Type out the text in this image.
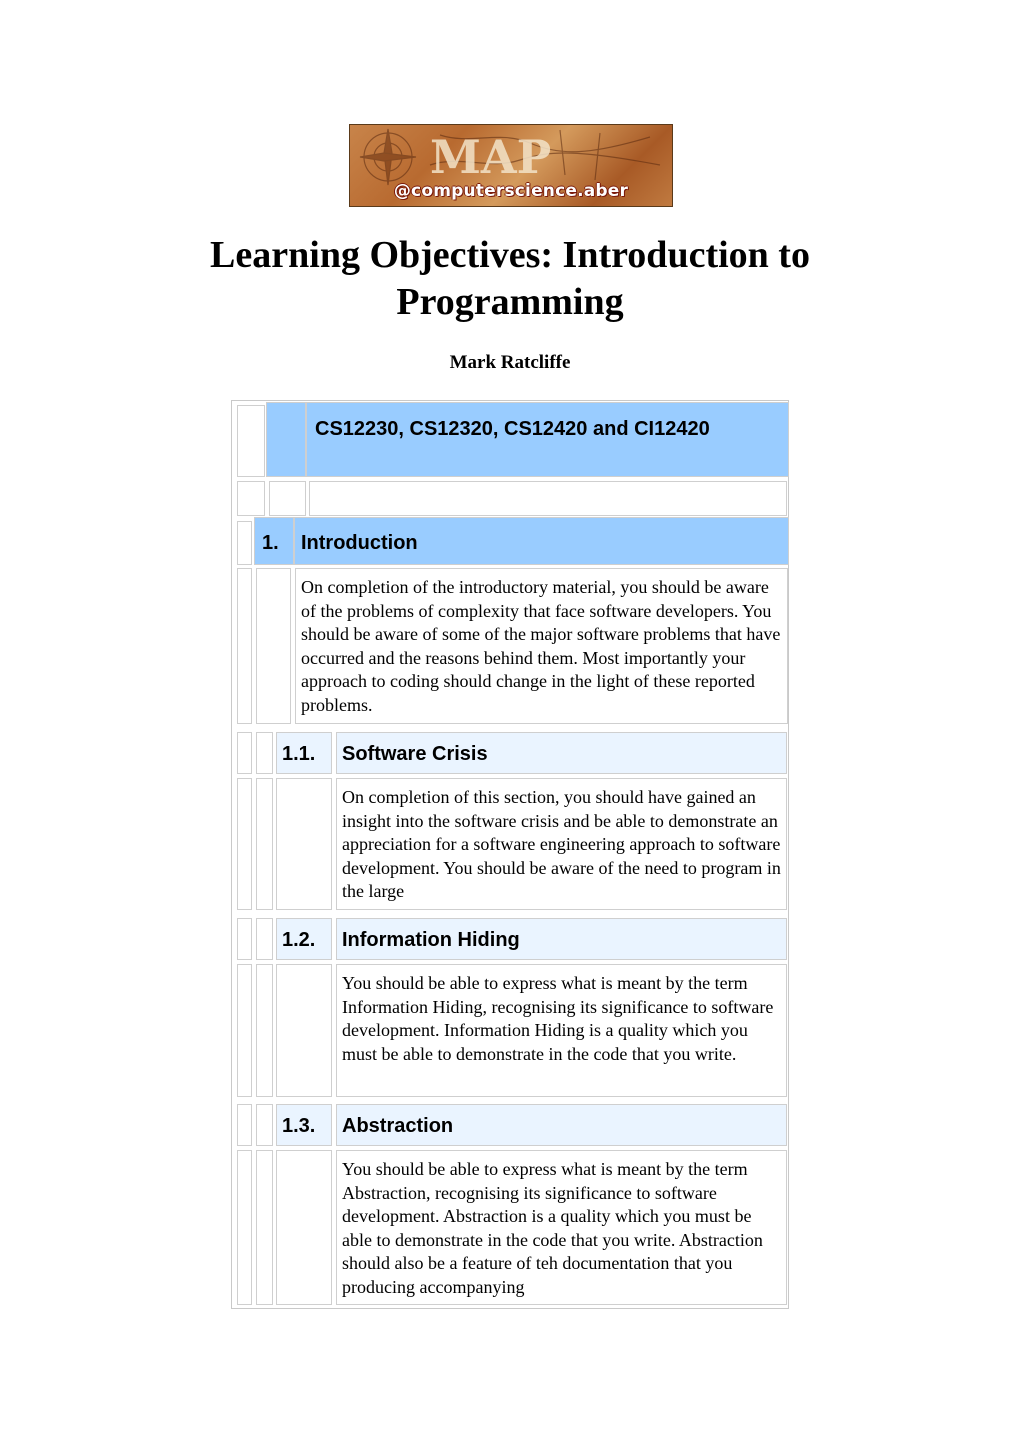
MAP
@computerscience.aber
Learning Objectives: Introduction to Programming
Mark Ratcliffe
CS12230, CS12320, CS12420 and CI12420
1.	Introduction
On completion of the introductory material, you should be aware of the problems of complexity that face software developers. You should be aware of some of the major software problems that have occurred and the reasons behind them. Most importantly your approach to coding should change in the light of these reported problems.
1.1.	Software Crisis
On completion of this section, you should have gained an insight into the software crisis and be able to demonstrate an appreciation for a software engineering approach to software development. You should be aware of the need to program in the large
1.2.	Information Hiding
You should be able to express what is meant by the term Information Hiding, recognising its significance to software development. Information Hiding is a quality which you must be able to demonstrate in the code that you write.
1.3.	Abstraction
You should be able to express what is meant by the term Abstraction, recognising its significance to software development. Abstraction is a quality which you must be able to demonstrate in the code that you write. Abstraction should also be a feature of teh documentation that you producing accompanying
